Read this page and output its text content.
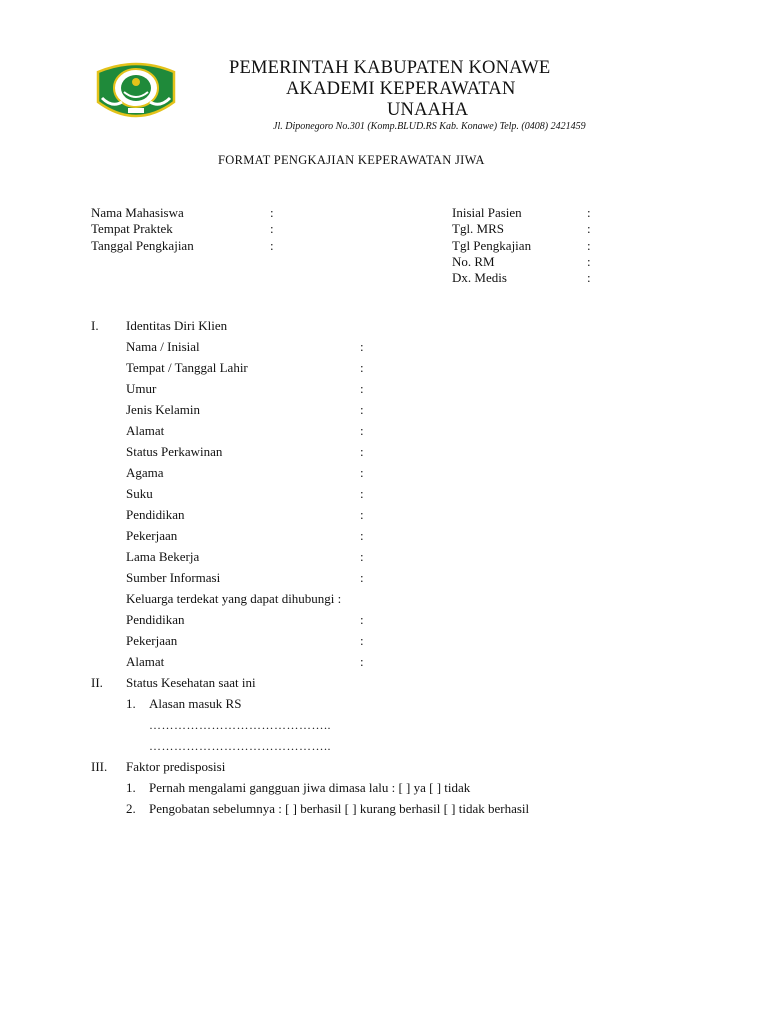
PEMERINTAH KABUPATEN KONAWE
AKADEMI KEPERAWATAN
UNAAHA
Jl. Diponegoro No.301 (Komp.BLUD.RS Kab. Konawe) Telp. (0408) 2421459
FORMAT PENGKAJIAN KEPERAWATAN JIWA
Nama Mahasiswa	:
Tempat Praktek	:
Tanggal Pengkajian	:
Inisial Pasien	:
Tgl. MRS	:
Tgl Pengkajian	:
No. RM	:
Dx. Medis	:
I. Identitas Diri Klien
Nama / Inisial	:
Tempat / Tanggal Lahir	:
Umur	:
Jenis Kelamin	:
Alamat	:
Status Perkawinan	:
Agama	:
Suku	:
Pendidikan	:
Pekerjaan	:
Lama Bekerja	:
Sumber Informasi	:
Keluarga terdekat yang dapat dihubungi :
Pendidikan	:
Pekerjaan	:
Alamat	:
II. Status Kesehatan saat ini
1. Alasan masuk RS
……………………………………..
……………………………………..
III. Faktor predisposisi
1. Pernah mengalami gangguan jiwa dimasa lalu : [ ] ya [ ] tidak
2. Pengobatan sebelumnya : [ ] berhasil [ ] kurang berhasil [ ] tidak berhasil
